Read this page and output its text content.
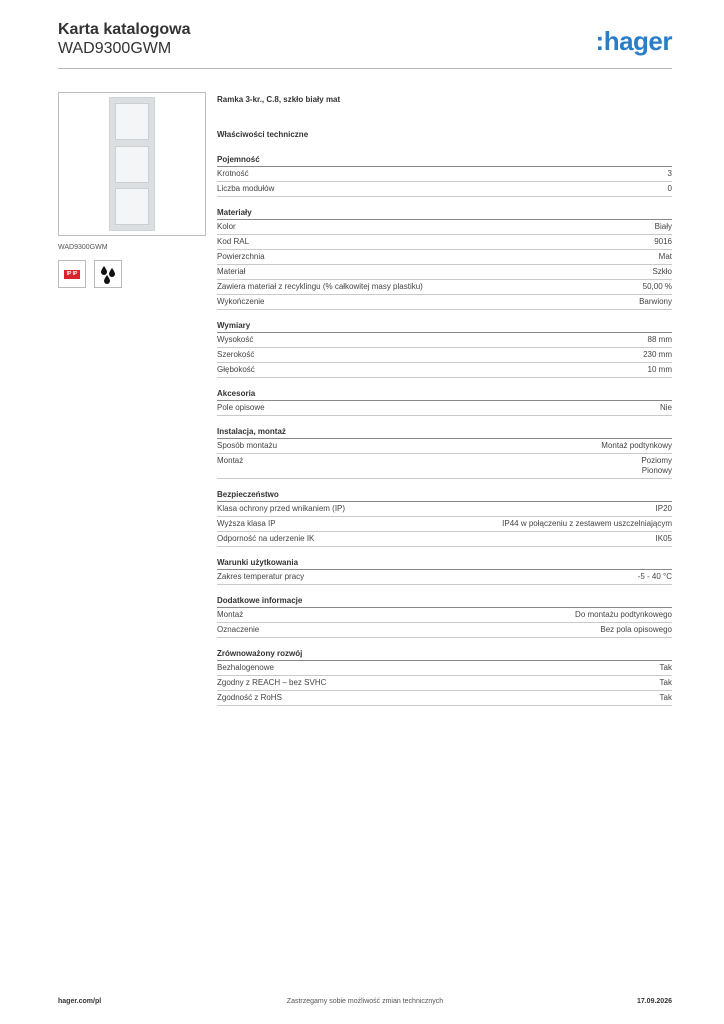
Karta katalogowa
WAD9300GWM	:hager
WAD9300GWM
IP IP
Ramka 3-kr., C.8, szkło biały mat
Właściwości techniczne
Pojemność
Krotność	3
Liczba modułów	0
Materiały
Kolor	Biały
Kod RAL	9016
Powierzchnia	Mat
Materiał	Szkło
Zawiera materiał z recyklingu (% całkowitej masy plastiku)	50,00 %
Wykończenie	Barwiony
Wymiary
Wysokość	88 mm
Szerokość	230 mm
Głębokość	10 mm
Akcesoria
Pole opisowe	Nie
Instalacja, montaż
Sposób montażu	Montaż podtynkowy
Montaż	Poziomy
Pionowy
Bezpieczeństwo
Klasa ochrony przed wnikaniem (IP)	IP20
Wyższa klasa IP	IP44 w połączeniu z zestawem uszczelniającym
Odporność na uderzenie IK	IK05
Warunki użytkowania
Zakres temperatur pracy	-5 - 40 °C
Dodatkowe informacje
Montaż	Do montażu podtynkowego
Oznaczenie	Bez pola opisowego
Zrównoważony rozwój
Bezhalogenowe	Tak
Zgodny z REACH – bez SVHC	Tak
Zgodność z RoHS	Tak
hager.com/pl	Zastrzegamy sobie możliwość zmian technicznych	17.09.2026
